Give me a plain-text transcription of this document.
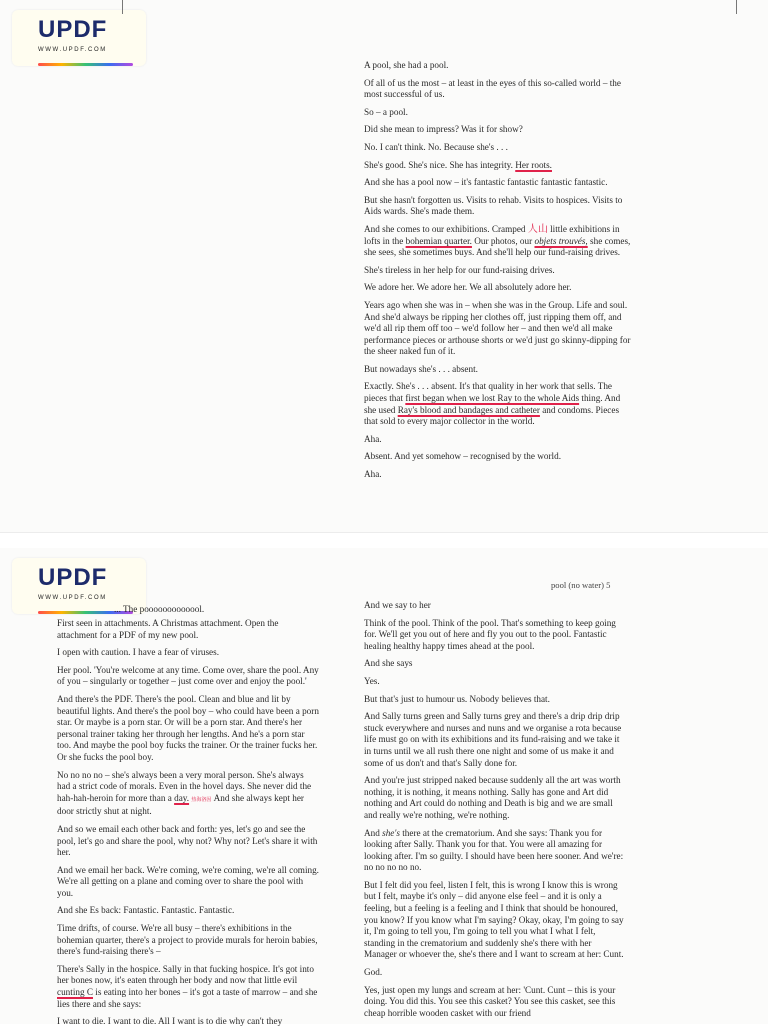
UPDF
WWW.UPDF.COM

A pool, she had a pool.

Of all of us the most – at least in the eyes of this so-called world – the most successful of us.

So – a pool.

Did she mean to impress? Was it for show?

No. I can't think. No. Because she's . . .

She's good. She's nice. She has integrity. Her roots.

And she has a pool now – it's fantastic fantastic fantastic fantastic.

But she hasn't forgotten us. Visits to rehab. Visits to hospices. Visits to Aids wards. She's made them.

And she comes to our exhibitions. Cramped 人山 little exhibitions in lofts in the bohemian quarter. Our photos, our objets trouvés, she comes, she sees, she sometimes buys. And she'll help our fund-raising drives.

She's tireless in her help for our fund-raising drives.

We adore her. We adore her. We all absolutely adore her.

Years ago when she was in – when she was in the Group. Life and soul. And she'd always be ripping her clothes off, just ripping them off, and we'd all rip them off too – we'd follow her – and then we'd all make performance pieces or arthouse shorts or we'd just go skinny-dipping for the sheer naked fun of it.

But nowadays she's . . . absent.

Exactly. She's . . . absent. It's that quality in her work that sells. The pieces that first began when we lost Ray to the whole Aids thing. And she used Ray's blood and bandages and catheter and condoms. Pieces that sold to every major collector in the world.

Aha.

Absent. And yet somehow – recognised by the world.

Aha.

UPDF
WWW.UPDF.COM
pool (no water) 5
... The pooooooooooool.

First seen in attachments. A Christmas attachment. Open the attachment for a PDF of my new pool.

I open with caution. I have a fear of viruses.

Her pool. 'You're welcome at any time. Come over, share the pool. Any of you – singularly or together – just come over and enjoy the pool.'

And there's the PDF. There's the pool. Clean and blue and lit by beautiful lights. And there's the pool boy – who could have been a porn star. Or maybe is a porn star. Or will be a porn star. And there's her personal trainer taking her through her lengths. And he's a porn star too. And maybe the pool boy fucks the trainer. Or the trainer fucks her. Or she fucks the pool boy.

No no no no – she's always been a very moral person. She's always had a strict code of morals. Even in the hovel days. She never did the hah-hah-heroin for more than a day. 热海洛因 And she always kept her door strictly shut at night.

And so we email each other back and forth: yes, let's go and see the pool, let's go and share the pool, why not? Why not? Let's share it with her.

And we email her back. We're coming, we're coming, we're all coming. We're all getting on a plane and coming over to share the pool with you.

And she Es back: Fantastic. Fantastic. Fantastic.

Time drifts, of course. We're all busy – there's exhibitions in the bohemian quarter, there's a project to provide murals for heroin babies, there's fund-raising there's –

There's Sally in the hospice. Sally in that fucking hospice. It's got into her bones now, it's eaten through her body and now that little evil cunting C is eating into her bones – it's got a taste of marrow – and she lies there and she says:

I want to die. I want to die. All I want is to die why can't they

And we say to her

Think of the pool. Think of the pool. That's something to keep going for. We'll get you out of here and fly you out to the pool. Fantastic healing healthy happy times ahead at the pool.

And she says

Yes.

But that's just to humour us. Nobody believes that.

And Sally turns green and Sally turns grey and there's a drip drip drip stuck everywhere and nurses and nuns and we organise a rota because life must go on with its exhibitions and its fund-raising and we take it in turns until we all rush there one night and some of us make it and some of us don't and that's Sally done for.

And you're just stripped naked because suddenly all the art was worth nothing, it is nothing, it means nothing. Sally has gone and Art did nothing and Art could do nothing and Death is big and we are small and really we're nothing, we're nothing.

And she's there at the crematorium. And she says: Thank you for looking after Sally. Thank you for that. You were all amazing for looking after. I'm so guilty. I should have been here sooner. And we're: no no no no no.

But I felt did you feel, listen I felt, this is wrong I know this is wrong but I felt, maybe it's only – did anyone else feel – and it is only a feeling, but a feeling is a feeling and I think that should be honoured, you know? If you know what I'm saying? Okay, okay, I'm going to say it, I'm going to tell you, I'm going to tell you what I what I felt, standing in the crematorium and suddenly she's there with her Manager or whoever the, she's there and I want to scream at her: Cunt.

God.

Yes, just open my lungs and scream at her: 'Cunt. Cunt – this is your doing. You did this. You see this casket? You see this casket, see this cheap horrible wooden casket with our friend
